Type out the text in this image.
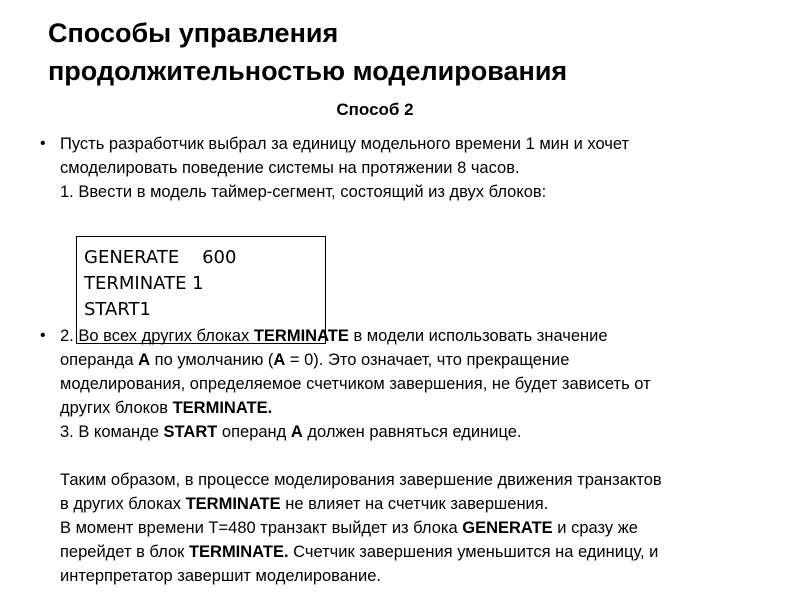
Способы управления
продолжительностью моделирования
Способ 2
• Пусть разработчик выбрал за единицу модельного времени 1 мин и хочет
смоделировать поведение системы на протяжении 8 часов.
1. Ввести в модель таймер-сегмент, состоящий из двух блоков:
GENERATE    600
TERMINATE 1
START1
• 2. Во всех других блоках TERMINATE в модели использовать значение
операнда А по умолчанию (А = 0). Это означает, что прекращение
моделирования, определяемое счетчиком завершения, не будет зависеть от
других блоков TERMINATE.
3. В команде START операнд А должен равняться единице.

Таким образом, в процессе моделирования завершение движения транзактов
в других блоках TERMINATE не влияет на счетчик завершения.
В момент времени Т=480 транзакт выйдет из блока GENERATE и сразу же
перейдет в блок TERMINATE. Счетчик завершения уменьшится на единицу, и
интерпретатор завершит моделирование.
